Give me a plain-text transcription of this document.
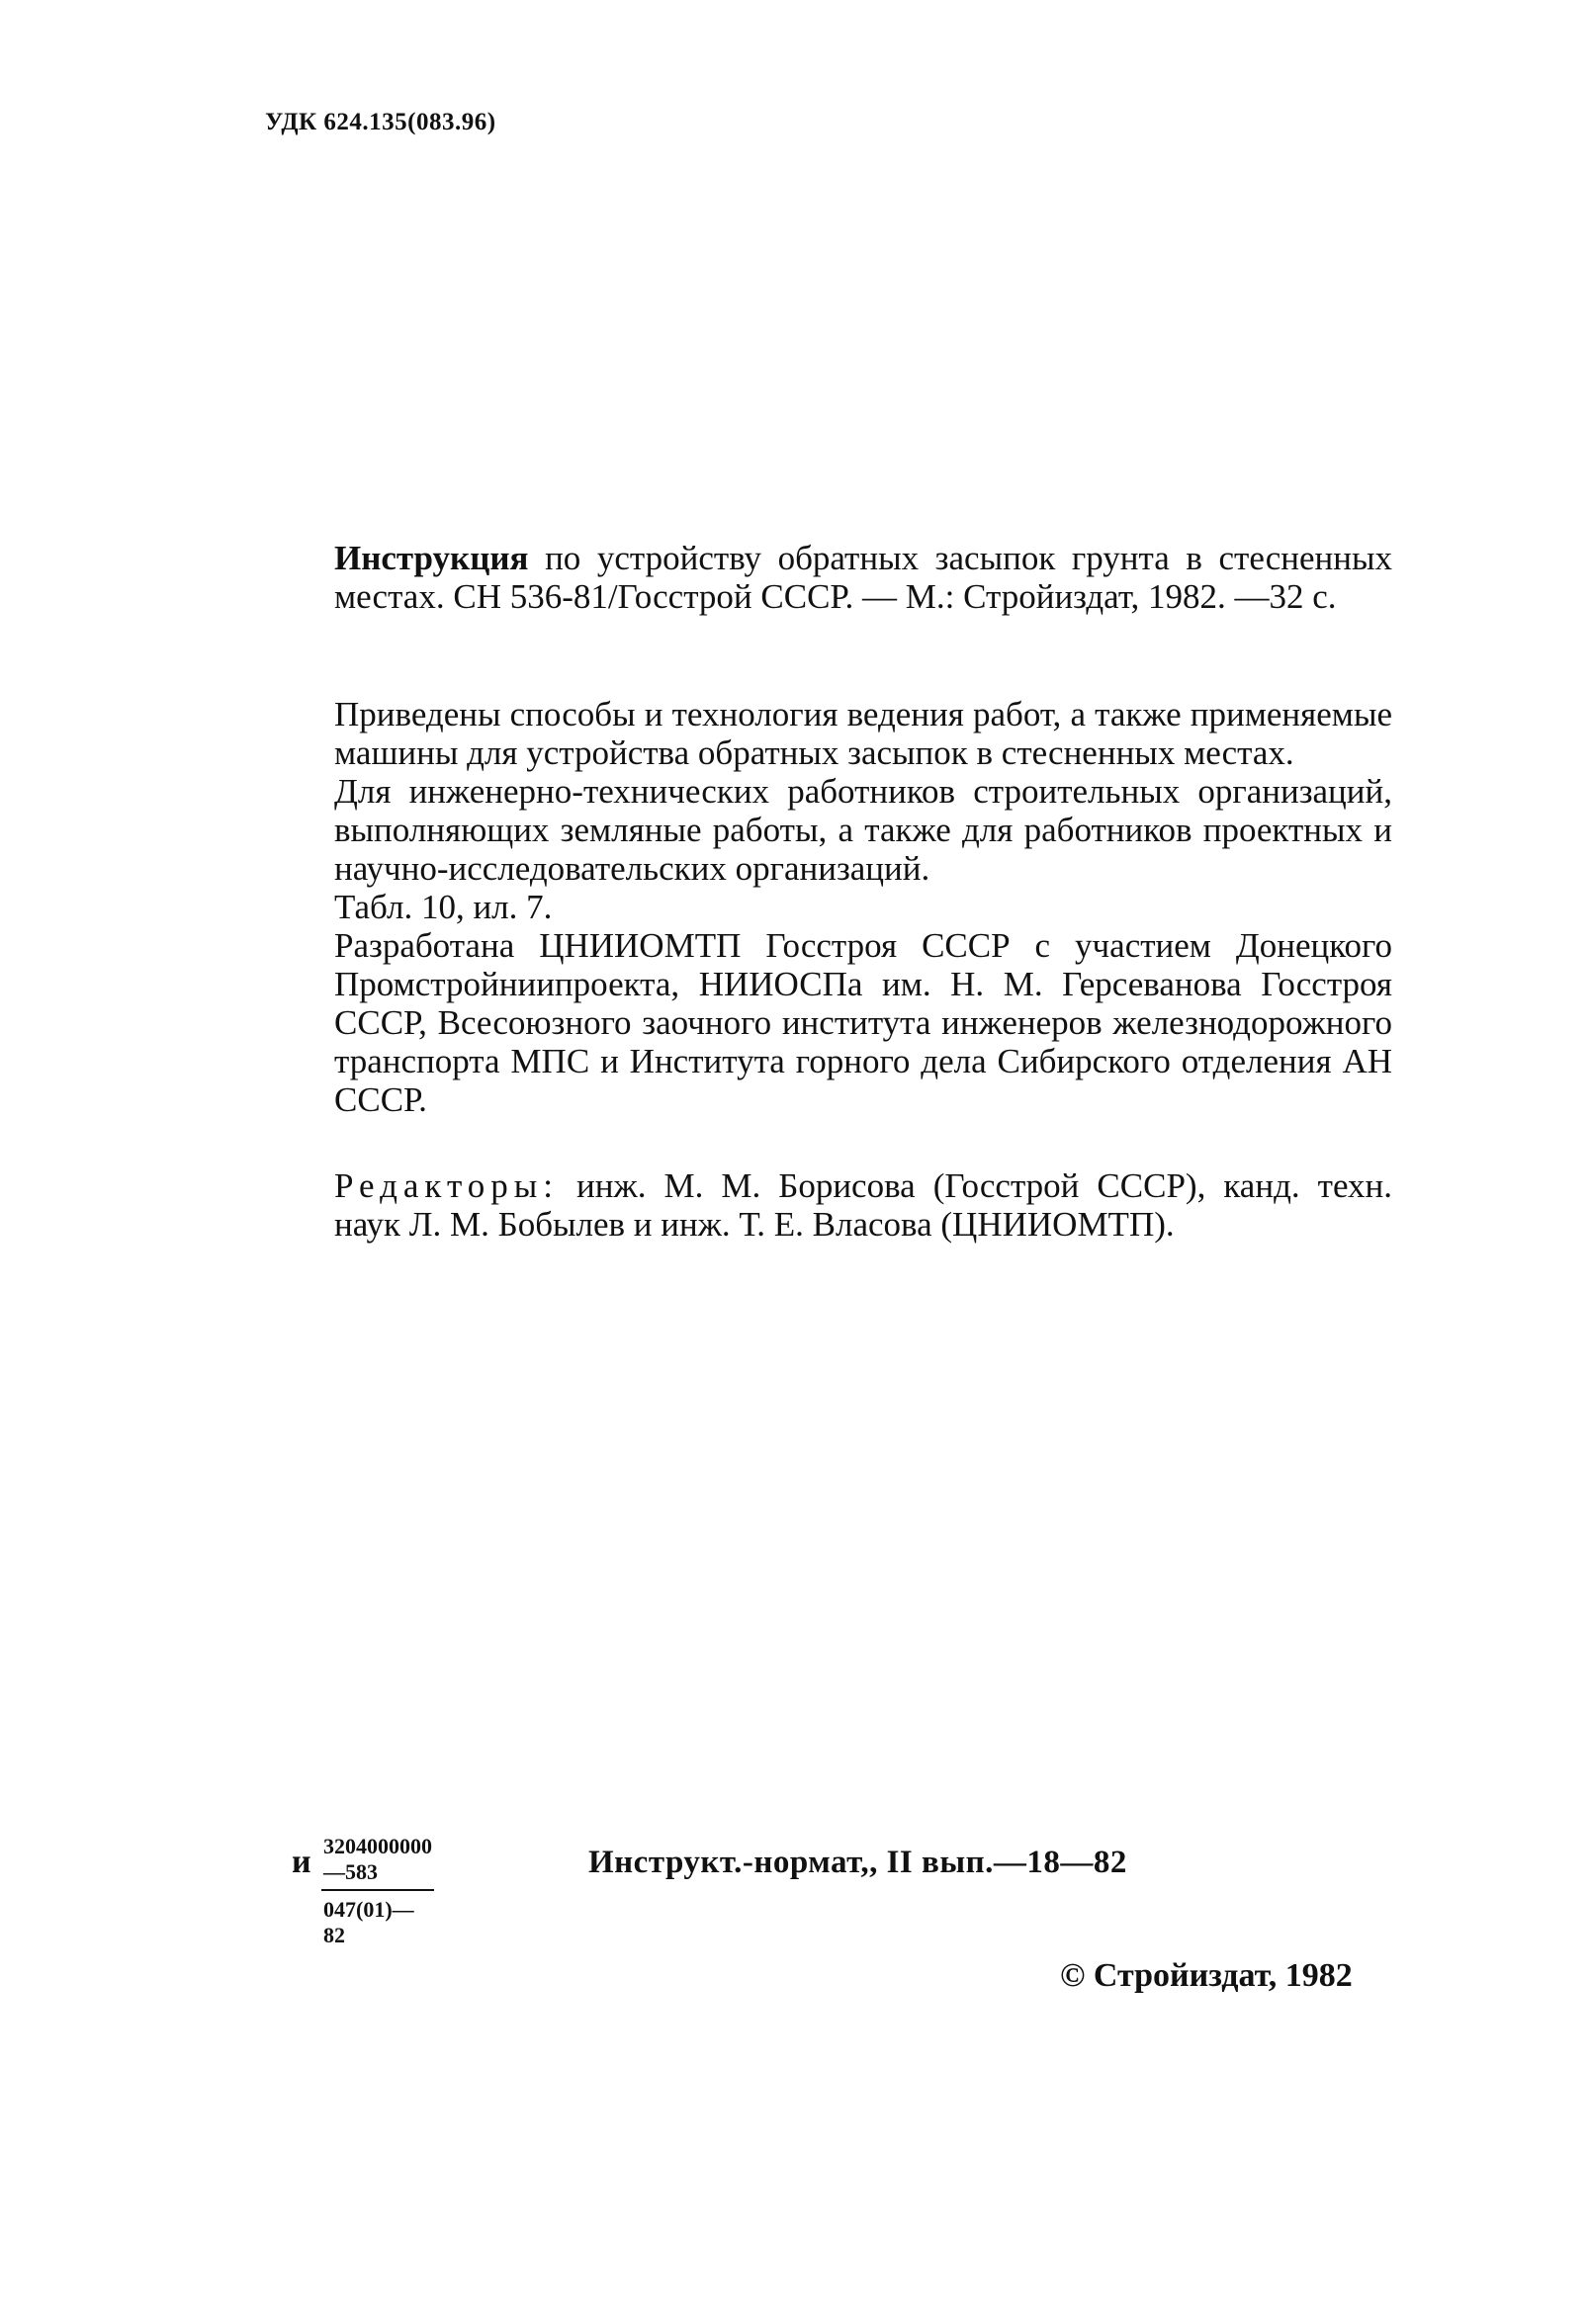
УДК 624.135(083.96)

Инструкция по устройству обратных засыпок грунта в стесненных местах. СН 536-81/Госстрой СССР. — М.: Стройиздат, 1982. —32 с.

Приведены способы и технология ведения работ, а также применяемые машины для устройства обратных засыпок в стесненных местах.

Для инженерно-технических работников строительных организаций, выполняющих земляные работы, а также для работников проектных и научно-исследовательских организаций.

Табл. 10, ил. 7.

Разработана ЦНИИОМТП Госстроя СССР с участием Донецкого Промстройниипроекта, НИИОСПа им. Н. М. Герсеванова Госстроя СССР, Всесоюзного заочного института инженеров железнодорожного транспорта МПС и Института горного дела Сибирского отделения АН СССР.

Редакторы: инж. М. М. Борисова (Госстрой СССР), канд. техн. наук Л. М. Бобылев и инж. Т. Е. Власова (ЦНИИОМТП).

и $\frac{3204000000—583}{047(01)—82}$	Инструкт.-нормат,, II вып.—18—82
© Стройиздат, 1982
